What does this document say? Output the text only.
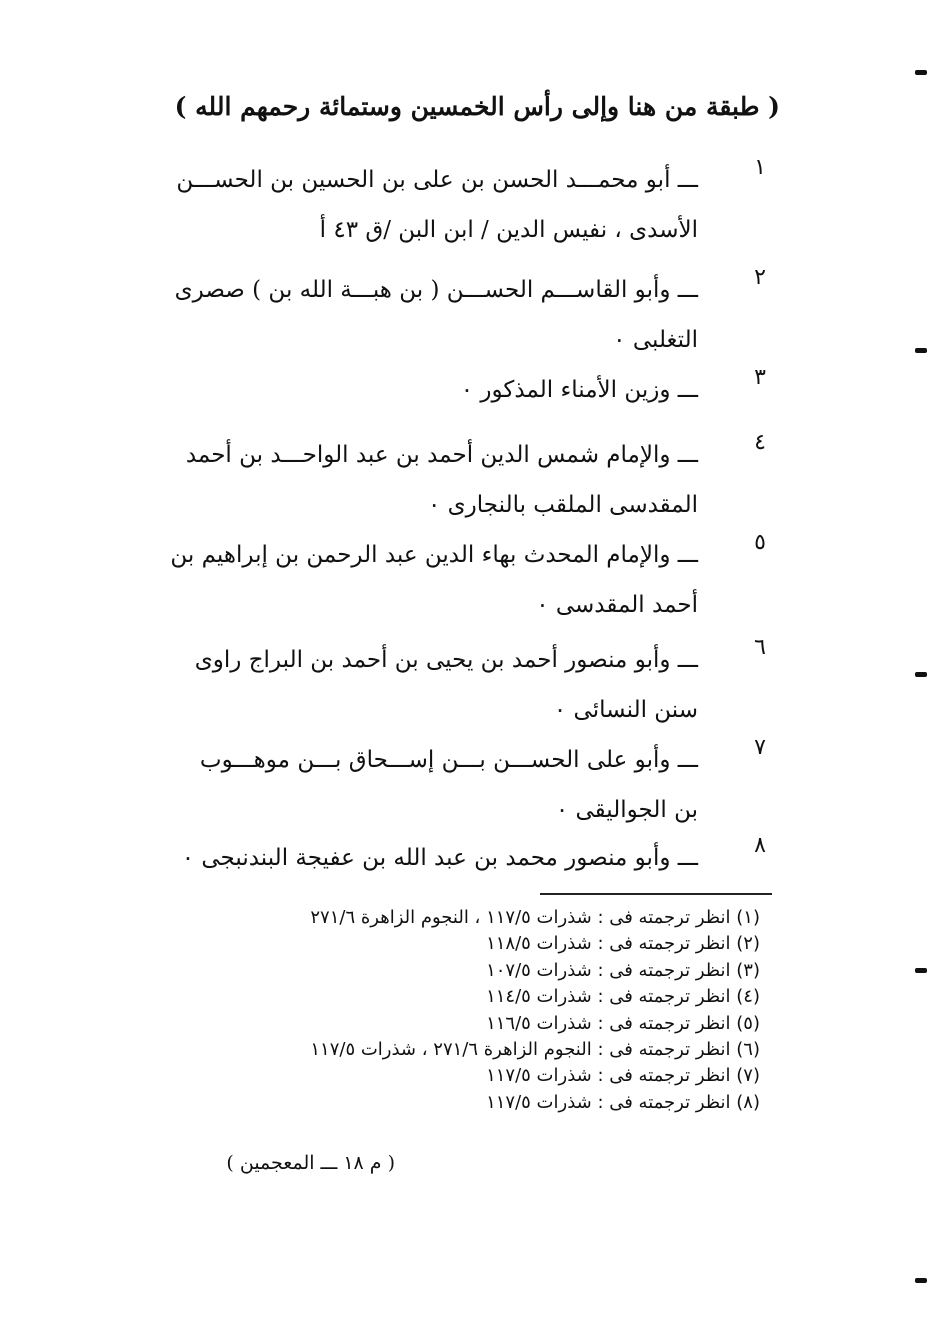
( طبقة من هنا وإلى رأس الخمسين وستمائة رحمهم الله )
١
ـــ أبو محمـــد الحسن بن على بن الحسين بن الحســـن الأسدى ، نفيس الدين / ابن البن /ق ٤٣ أ
٢
ـــ وأبو القاســـم الحســـن ( بن هبـــة الله بن ) صصرى التغلبى ٠
٣
ـــ وزين الأمناء المذكور ٠
٤
ـــ والإمام شمس الدين أحمد بن عبد الواحـــد بن أحمد المقدسى الملقب بالنجارى ٠
٥
ـــ والإمام المحدث بهاء الدين عبد الرحمن بن إبراهيم بن أحمد المقدسى ٠
٦
ـــ وأبو منصور أحمد بن يحيى بن أحمد بن البراج راوى سنن النسائى ٠
٧
ـــ وأبو على الحســـن بـــن إســـحاق بـــن موهـــوب بن الجواليقى ٠
٨
ـــ وأبو منصور محمد بن عبد الله بن عفيجة البندنبجى ٠
(١) انظر ترجمته فى : شذرات ١١٧/٥ ، النجوم الزاهرة ٢٧١/٦
(٢) انظر ترجمته فى : شذرات ١١٨/٥
(٣) انظر ترجمته فى : شذرات ١٠٧/٥
(٤) انظر ترجمته فى : شذرات ١١٤/٥
(٥) انظر ترجمته فى : شذرات ١١٦/٥
(٦) انظر ترجمته فى : النجوم الزاهرة ٢٧١/٦ ، شذرات ١١٧/٥
(٧) انظر ترجمته فى : شذرات ١١٧/٥
(٨) انظر ترجمته فى : شذرات ١١٧/٥
( م ١٨ ـــ المعجمين )
